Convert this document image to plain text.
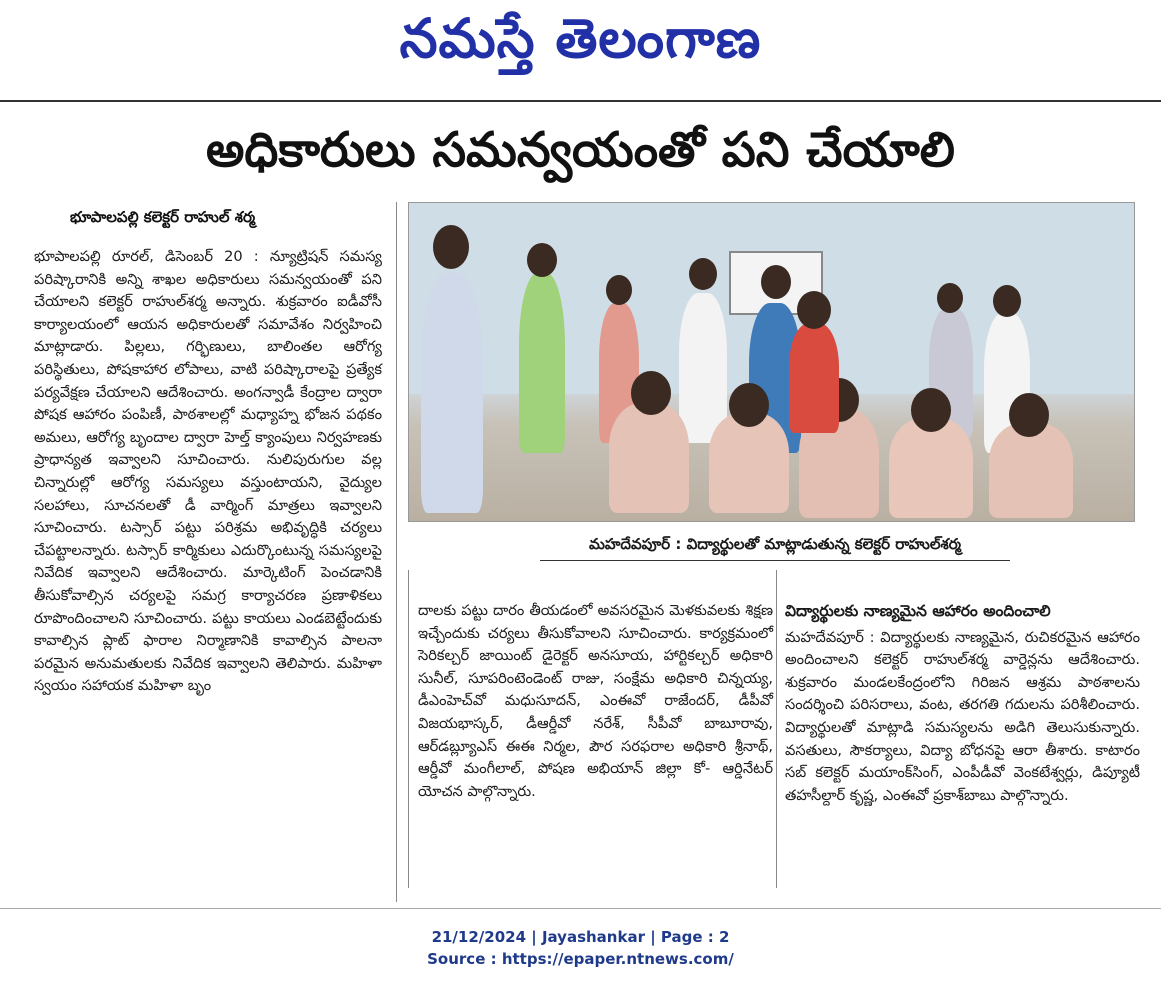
నమస్తే తెలంగాణ
అధికారులు సమన్వయంతో పని చేయాలి
భూపాలపల్లి కలెక్టర్ రాహుల్ శర్మ
భూపాలపల్లి రూరల్, డిసెంబర్ 20 : న్యూట్రిషన్ సమస్య పరిష్కారానికి అన్ని శాఖల అధికారులు సమన్వయంతో పని చేయాలని కలెక్టర్ రాహుల్‌శర్మ అన్నారు. శుక్రవారం ఐడీవోసీ కార్యాలయంలో ఆయన అధికారులతో సమావేశం నిర్వహించి మాట్లాడారు. పిల్లలు, గర్భిణులు, బాలింతల ఆరోగ్య పరిస్థితులు, పోషకాహార లోపాలు, వాటి పరిష్కారాలపై ప్రత్యేక పర్యవేక్షణ చేయాలని ఆదేశించారు. అంగన్వాడీ కేంద్రాల ద్వారా పోషక ఆహారం పంపిణీ, పాఠశాలల్లో మధ్యాహ్న భోజన పథకం అమలు, ఆరోగ్య బృందాల ద్వారా హెల్త్ క్యాంపులు నిర్వహణకు ప్రాధాన్యత ఇవ్వాలని సూచించారు. నులిపురుగుల వల్ల చిన్నారుల్లో ఆరోగ్య సమస్యలు వస్తుంటాయని, వైద్యుల సలహాలు, సూచనలతో డీ వార్మింగ్ మాత్రలు ఇవ్వాలని సూచించారు. టస్సార్ పట్టు పరిశ్రమ అభివృద్ధికి చర్యలు చేపట్టాలన్నారు. టస్సార్ కార్మికులు ఎదుర్కొంటున్న సమస్యలపై నివేదిక ఇవ్వాలని ఆదేశించారు. మార్కెటింగ్ పెంచడానికి తీసుకోవాల్సిన చర్యలపై సమగ్ర కార్యాచరణ ప్రణాళికలు రూపొందించాలని సూచించారు. పట్టు కాయలు ఎండబెట్టేందుకు కావాల్సిన ప్లాట్ ఫారాల నిర్మాణానికి కావాల్సిన పాలనా పరమైన అనుమతులకు నివేదిక ఇవ్వాలని తెలిపారు. మహిళా స్వయం సహాయక మహిళా బృం
మహదేవపూర్ : విద్యార్థులతో మాట్లాడుతున్న కలెక్టర్ రాహుల్‌శర్మ
దాలకు పట్టు దారం తీయడంలో అవసరమైన మెళకువలకు శిక్షణ ఇచ్చేందుకు చర్యలు తీసుకోవాలని సూచించారు. కార్యక్రమంలో సెరికల్చర్ జాయింట్ డైరెక్టర్ అనసూయ, హార్టికల్చర్ అధికారి సునీల్, సూపరింటెండెంట్ రాజు, సంక్షేమ అధికారి చిన్నయ్య, డీఎంహెచ్‌వో మధుసూదన్, ఎంఈవో రాజేందర్, డీపీవో విజయభాస్కర్, డీఆర్డీవో నరేశ్, సీపీవో బాబూరావు, ఆర్‌డబ్ల్యూఎస్ ఈఈ నిర్మల, పౌర సరఫరాల అధికారి శ్రీనాథ్, ఆర్డీవో మంగీలాల్, పోషణ అభియాన్ జిల్లా కో- ఆర్డినేటర్ యోచన పాల్గొన్నారు.
విద్యార్థులకు నాణ్యమైన ఆహారం అందించాలి
మహదేవపూర్ : విద్యార్థులకు నాణ్యమైన, రుచికరమైన ఆహారం అందించాలని కలెక్టర్ రాహుల్‌శర్మ వార్డెన్లను ఆదేశించారు. శుక్రవారం మండలకేంద్రంలోని గిరిజన ఆశ్రమ పాఠశాలను సందర్శించి పరిసరాలు, వంట, తరగతి గదులను పరిశీలించారు. విద్యార్థులతో మాట్లాడి సమస్యలను అడిగి తెలుసుకున్నారు. వసతులు, సౌకర్యాలు, విద్యా బోధనపై ఆరా తీశారు. కాటారం సబ్ కలెక్టర్ మయాంక్‌సింగ్, ఎంపీడీవో వెంకటేశ్వర్లు, డిప్యూటీ తహసీల్దార్ కృష్ణ, ఎంఈవో ప్రకాశ్‌బాబు పాల్గొన్నారు.
21/12/2024 | Jayashankar | Page : 2
Source : https://epaper.ntnews.com/
